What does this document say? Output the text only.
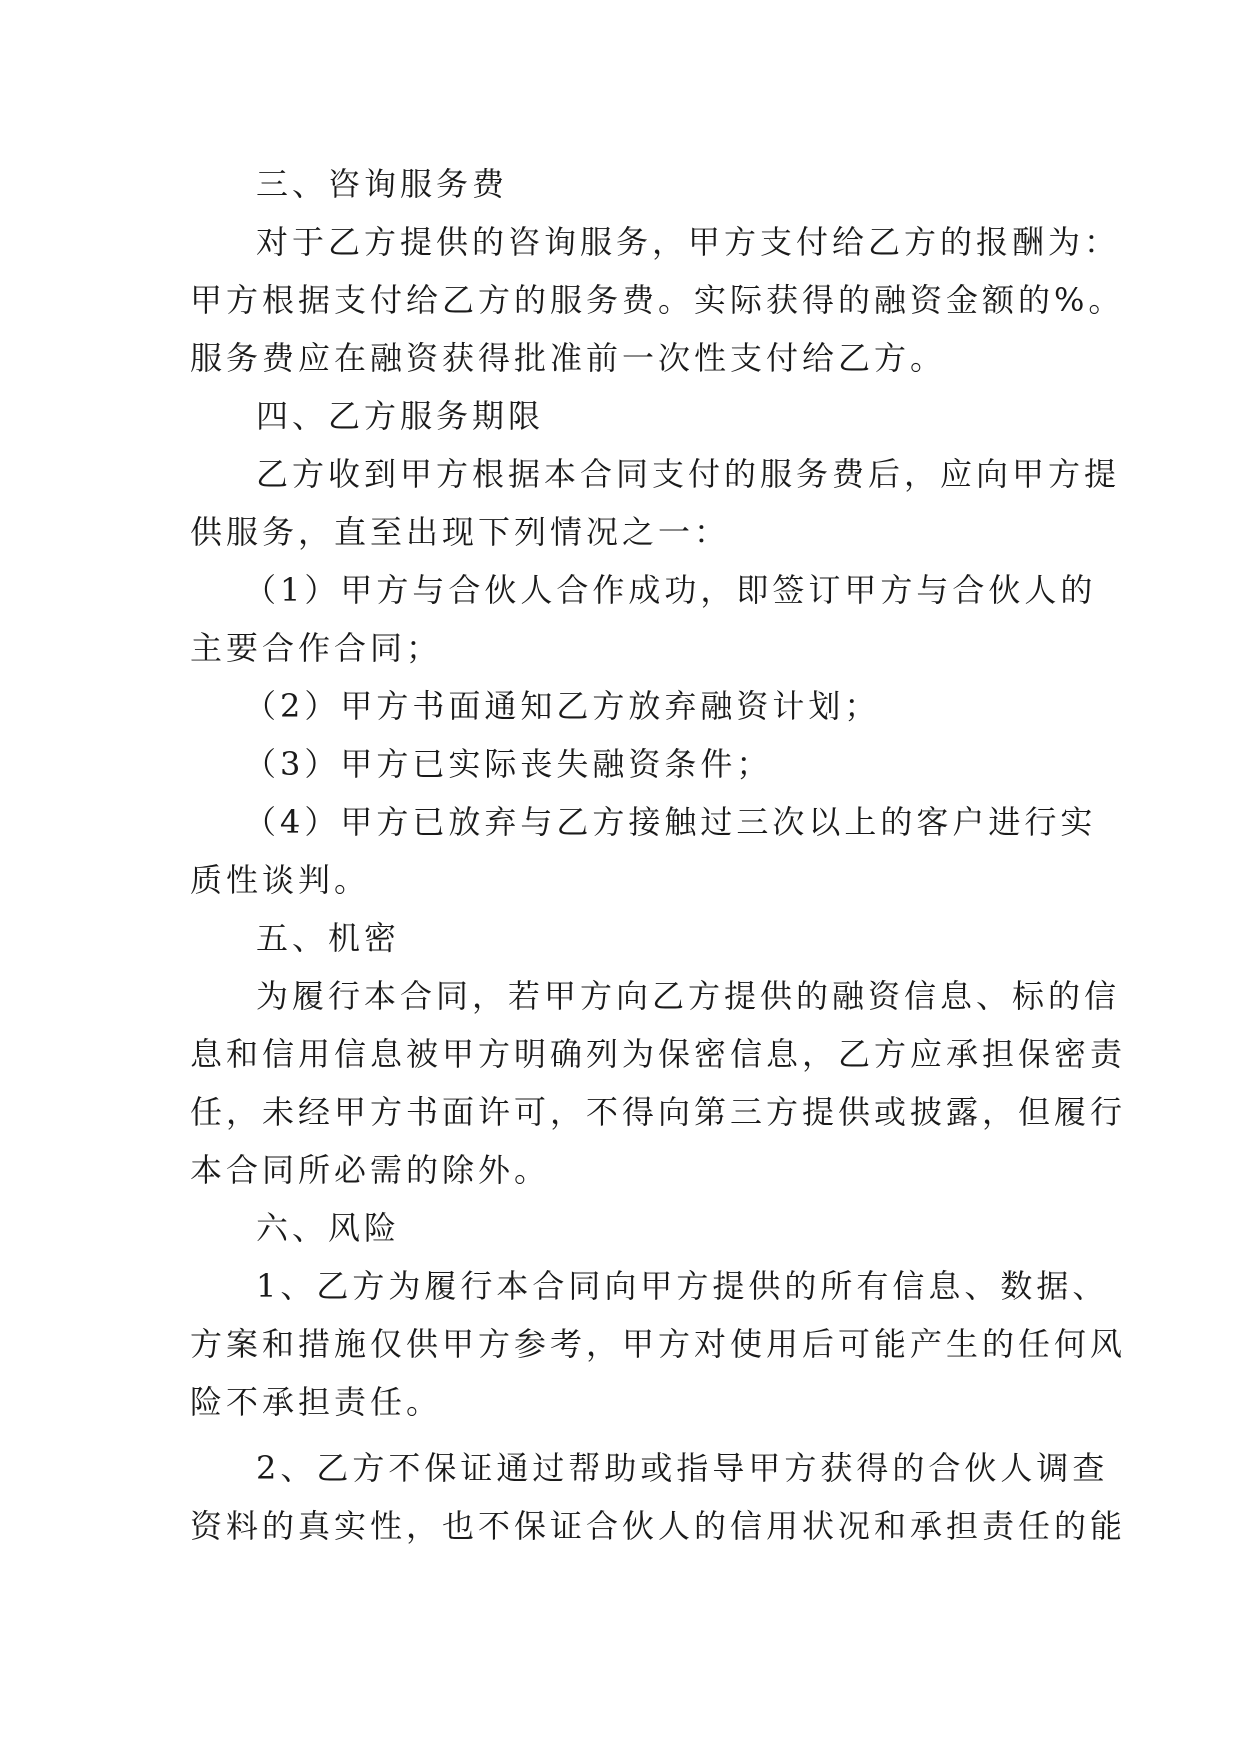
三、咨询服务费
对于乙方提供的咨询服务，甲方支付给乙方的报酬为：
甲方根据支付给乙方的服务费。实际获得的融资金额的%。
服务费应在融资获得批准前一次性支付给乙方。
四、乙方服务期限
乙方收到甲方根据本合同支付的服务费后，应向甲方提
供服务，直至出现下列情况之一：
（1）甲方与合伙人合作成功，即签订甲方与合伙人的
主要合作合同；
（2）甲方书面通知乙方放弃融资计划；
（3）甲方已实际丧失融资条件；
（4）甲方已放弃与乙方接触过三次以上的客户进行实
质性谈判。
五、机密
为履行本合同，若甲方向乙方提供的融资信息、标的信
息和信用信息被甲方明确列为保密信息，乙方应承担保密责
任，未经甲方书面许可，不得向第三方提供或披露，但履行
本合同所必需的除外。
六、风险
1、乙方为履行本合同向甲方提供的所有信息、数据、
方案和措施仅供甲方参考，甲方对使用后可能产生的任何风
险不承担责任。
2、乙方不保证通过帮助或指导甲方获得的合伙人调查
资料的真实性，也不保证合伙人的信用状况和承担责任的能
